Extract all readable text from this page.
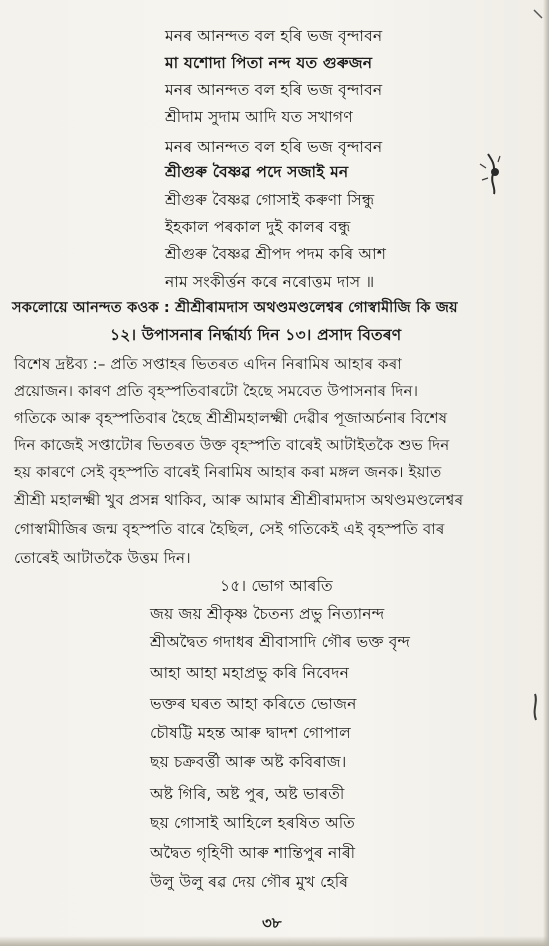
মনৰ আনন্দত বল হৰি ভজ বৃন্দাবন
মা যশোদা পিতা নন্দ যত গুৰুজন
মনৰ আনন্দত বল হৰি ভজ বৃন্দাবন
শ্ৰীদাম সুদাম আদি যত সখাগণ
মনৰ আনন্দত বল হৰি ভজ বৃন্দাবন
শ্ৰীগুৰু বৈষ্ণৱ পদে সজাই মন
শ্ৰীগুৰু বৈষ্ণৱ গোসাই কৰুণা সিন্ধু
ইহকাল পৰকাল দুই কালৰ বন্ধু
শ্ৰীগুৰু বৈষ্ণৱ শ্ৰীপদ পদম কৰি আশ
নাম সংকীৰ্ত্তন কৰে নৰোত্তম দাস ॥
সকলোয়ে আনন্দত কওক : শ্ৰীশ্ৰীৰামদাস অথণ্ডমণ্ডলেশ্বৰ গোস্বামীজি কি জয়
১২। উপাসনাৰ নিৰ্দ্ধাৰ্য্য দিন ১৩। প্ৰসাদ বিতৰণ
বিশেষ দ্ৰষ্টব্য :– প্ৰতি সপ্তাহৰ ভিতৰত এদিন নিৰামিষ আহাৰ কৰা
প্ৰয়োজন। কাৰণ প্ৰতি বৃহস্পতিবাৰটো হৈছে সমবেত উপাসনাৰ দিন।
গতিকে আৰু বৃহস্পতিবাৰ হৈছে শ্ৰীশ্ৰীমহালক্ষ্মী দেৱীৰ পূজাঅৰ্চনাৰ বিশেষ
দিন কাজেই সপ্তাটোৰ ভিতৰত উক্ত বৃহস্পতি বাৰেই আটাইতকৈ শুভ দিন
হয় কাৰণে সেই বৃহস্পতি বাৰেই নিৰামিষ আহাৰ কৰা মঙ্গল জনক। ইয়াত
শ্ৰীশ্ৰী মহালক্ষ্মী খুব প্ৰসন্ন থাকিব, আৰু আমাৰ শ্ৰীশ্ৰীৰামদাস অথণ্ডমণ্ডলেশ্বৰ
গোস্বামীজিৰ জন্ম বৃহস্পতি বাৰে হৈছিল, সেই গতিকেই এই বৃহস্পতি বাৰ
তোৰেই আটাতকৈ উত্তম দিন।
১৫। ভোগ আৰতি
জয় জয় শ্ৰীকৃষ্ণ চৈতন্য প্ৰভু নিত্যানন্দ
শ্ৰীঅদ্বৈত গদাধৰ শ্ৰীবাসাদি গৌৰ ভক্ত বৃন্দ
আহা আহা মহাপ্ৰভু কৰি নিবেদন
ভক্তৰ ঘৰত আহা কৰিতে ভোজন
চৌষট্টি মহন্ত আৰু দ্বাদশ গোপাল
ছয় চক্ৰবৰ্ত্তী আৰু অষ্ট কবিৰাজ।
অষ্ট গিৰি, অষ্ট পুৰ, অষ্ট ভাৰতী
ছয় গোসাই আহিলে হৰষিত অতি
অদ্বৈত গৃহিণী আৰু শান্তিপুৰ নাৰী
উলু উলু ৰৱ দেয় গৌৰ মুখ হেৰি
৩৮
